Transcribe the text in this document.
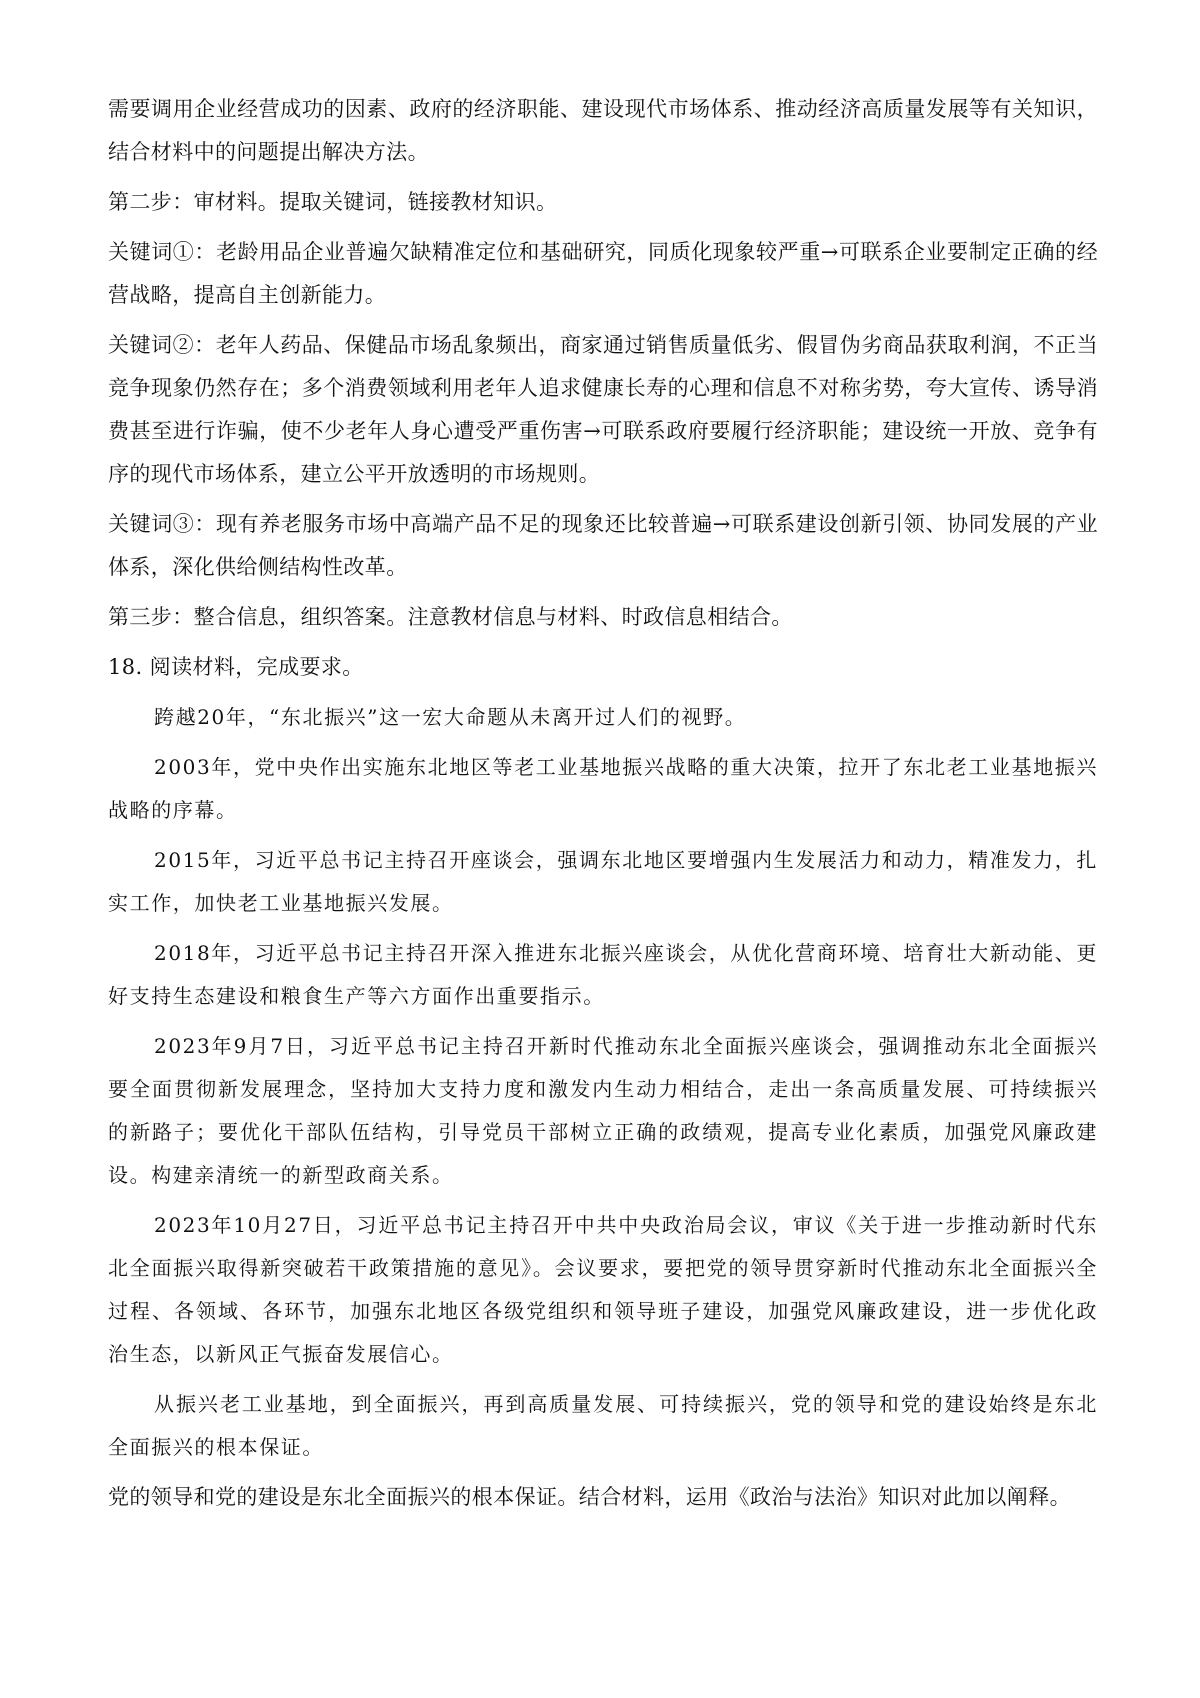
需要调用企业经营成功的因素、政府的经济职能、建设现代市场体系、推动经济高质量发展等有关知识，结合材料中的问题提出解决方法。

第二步：审材料。提取关键词，链接教材知识。

关键词①：老龄用品企业普遍欠缺精准定位和基础研究，同质化现象较严重→可联系企业要制定正确的经营战略，提高自主创新能力。

关键词②：老年人药品、保健品市场乱象频出，商家通过销售质量低劣、假冒伪劣商品获取利润，不正当竞争现象仍然存在；多个消费领域利用老年人追求健康长寿的心理和信息不对称劣势，夸大宣传、诱导消费甚至进行诈骗，使不少老年人身心遭受严重伤害→可联系政府要履行经济职能；建设统一开放、竞争有序的现代市场体系，建立公平开放透明的市场规则。

关键词③：现有养老服务市场中高端产品不足的现象还比较普遍→可联系建设创新引领、协同发展的产业体系，深化供给侧结构性改革。

第三步：整合信息，组织答案。注意教材信息与材料、时政信息相结合。

18. 阅读材料，完成要求。

跨越20年，“东北振兴”这一宏大命题从未离开过人们的视野。

2003年，党中央作出实施东北地区等老工业基地振兴战略的重大决策，拉开了东北老工业基地振兴战略的序幕。

2015年，习近平总书记主持召开座谈会，强调东北地区要增强内生发展活力和动力，精准发力，扎实工作，加快老工业基地振兴发展。

2018年，习近平总书记主持召开深入推进东北振兴座谈会，从优化营商环境、培育壮大新动能、更好支持生态建设和粮食生产等六方面作出重要指示。

2023年9月7日，习近平总书记主持召开新时代推动东北全面振兴座谈会，强调推动东北全面振兴要全面贯彻新发展理念，坚持加大支持力度和激发内生动力相结合，走出一条高质量发展、可持续振兴的新路子；要优化干部队伍结构，引导党员干部树立正确的政绩观，提高专业化素质，加强党风廉政建设。构建亲清统一的新型政商关系。

2023年10月27日，习近平总书记主持召开中共中央政治局会议，审议《关于进一步推动新时代东北全面振兴取得新突破若干政策措施的意见》。会议要求，要把党的领导贯穿新时代推动东北全面振兴全过程、各领域、各环节，加强东北地区各级党组织和领导班子建设，加强党风廉政建设，进一步优化政治生态，以新风正气振奋发展信心。

从振兴老工业基地，到全面振兴，再到高质量发展、可持续振兴，党的领导和党的建设始终是东北全面振兴的根本保证。

党的领导和党的建设是东北全面振兴的根本保证。结合材料，运用《政治与法治》知识对此加以阐释。
